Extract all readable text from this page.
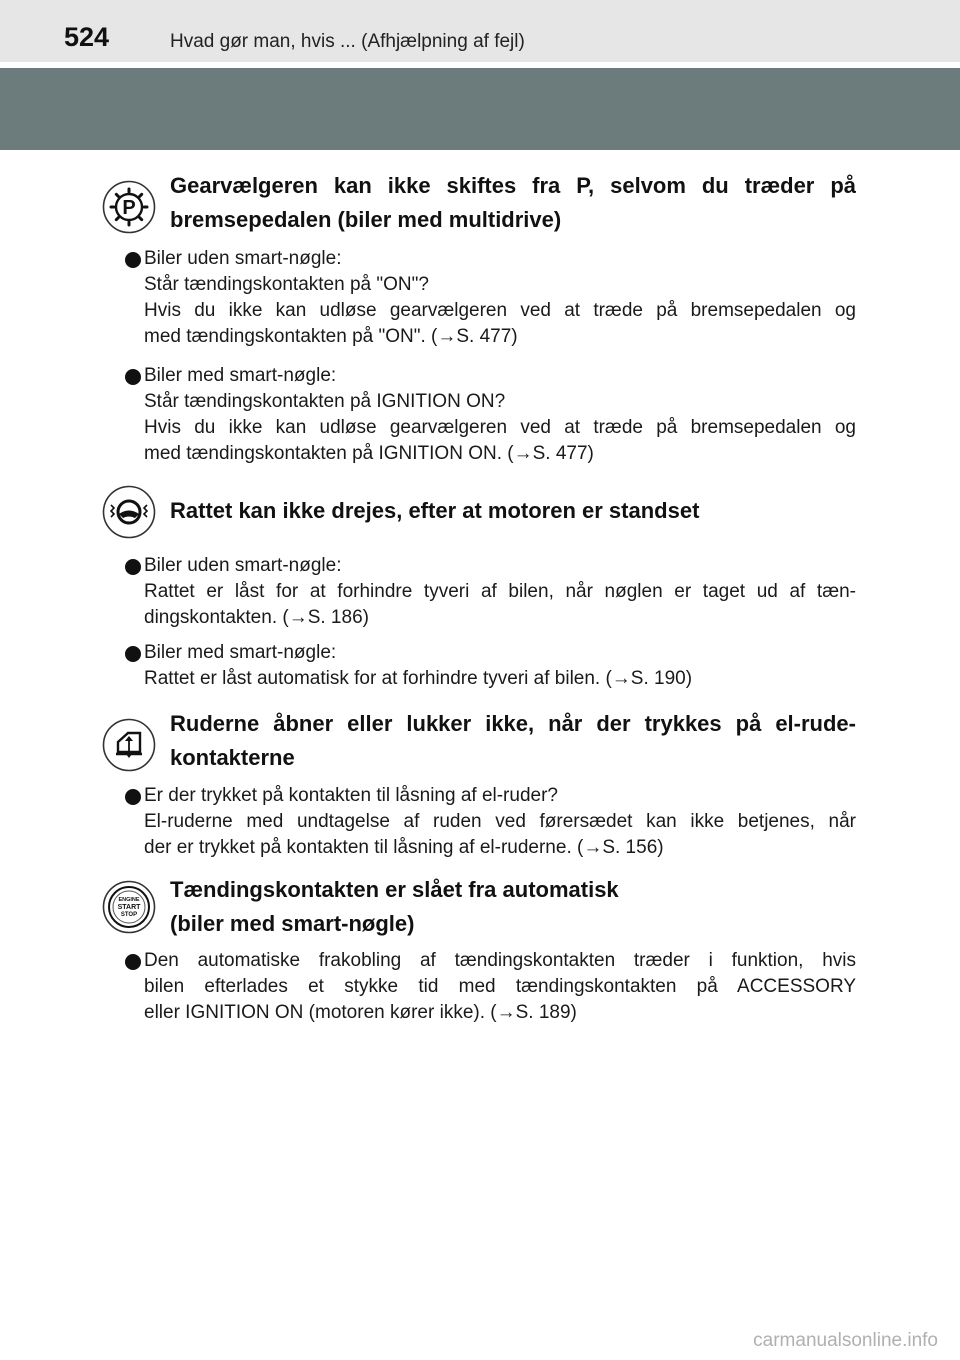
524	Hvad gør man, hvis ... (Afhjælpning af fejl)
P
Gearvælgeren kan ikke skiftes fra P, selvom du træder på bremsepedalen (biler med multidrive)
Biler uden smart-nøgle:
Står tændingskontakten på "ON"?
Hvis du ikke kan udløse gearvælgeren ved at træde på bremsepedalen og
med tændingskontakten på "ON". (→S. 477)
Biler med smart-nøgle:
Står tændingskontakten på IGNITION ON?
Hvis du ikke kan udløse gearvælgeren ved at træde på bremsepedalen og
med tændingskontakten på IGNITION ON. (→S. 477)
Rattet kan ikke drejes, efter at motoren er standset
Biler uden smart-nøgle:
Rattet er låst for at forhindre tyveri af bilen, når nøglen er taget ud af tæn-
dingskontakten. (→S. 186)
Biler med smart-nøgle:
Rattet er låst automatisk for at forhindre tyveri af bilen. (→S. 190)
Ruderne åbner eller lukker ikke, når der trykkes på el-rude-kontakterne
Er der trykket på kontakten til låsning af el-ruder?
El-ruderne med undtagelse af ruden ved førersædet kan ikke betjenes, når
der er trykket på kontakten til låsning af el-ruderne. (→S. 156)
ENGINE
START
STOP
Tændingskontakten er slået fra automatisk
(biler med smart-nøgle)
Den automatiske frakobling af tændingskontakten træder i funktion, hvis
bilen efterlades et stykke tid med tændingskontakten på ACCESSORY
eller IGNITION ON (motoren kører ikke). (→S. 189)
carmanualsonline.info
